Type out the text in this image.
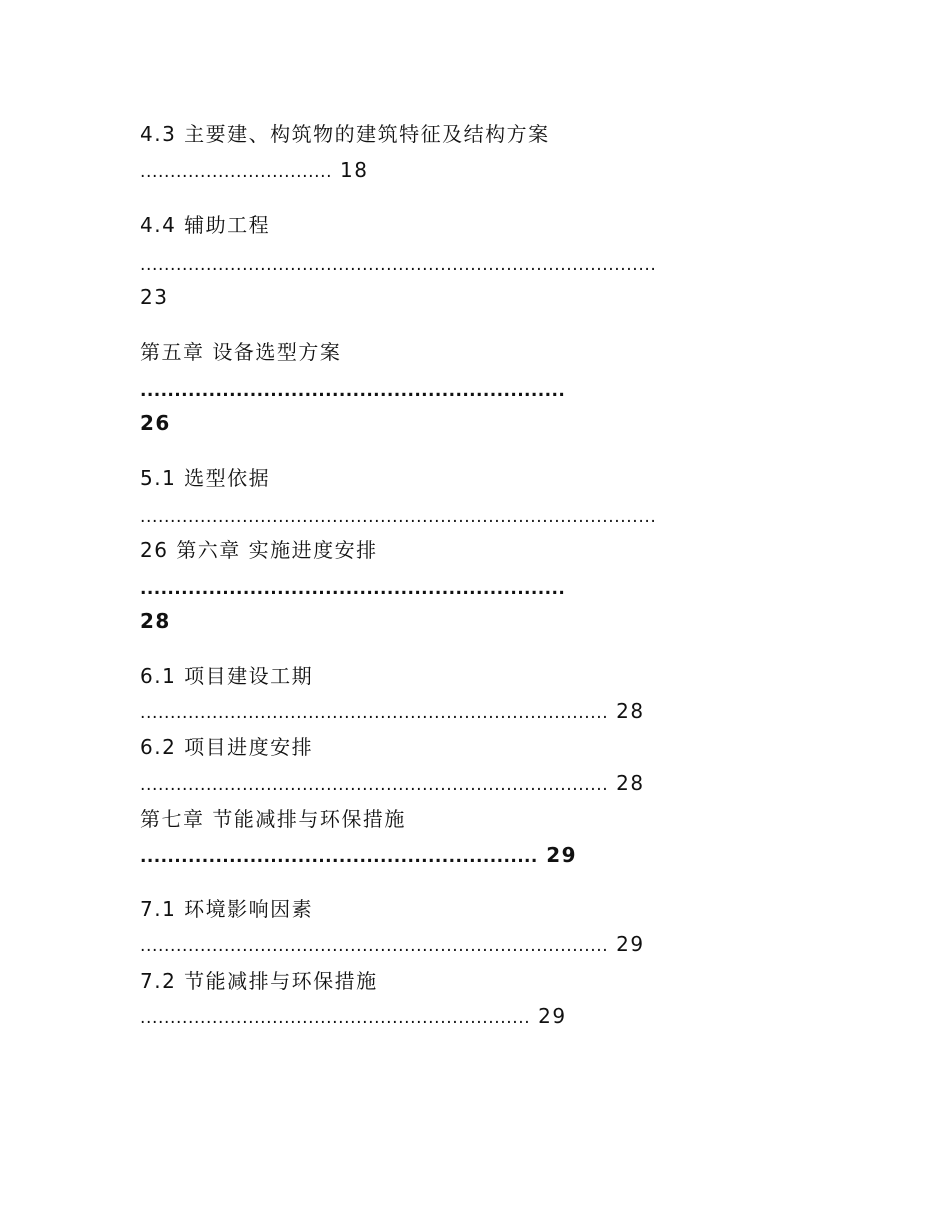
4.3 主要建、构筑物的建筑特征及结构方案
................................ 18
4.4 辅助工程
......................................................................................
23
第五章 设备选型方案
..............................................................
26
5.1 选型依据
......................................................................................
26 第六章 实施进度安排
..............................................................
28
6.1 项目建设工期
.............................................................................. 28
6.2 项目进度安排
.............................................................................. 28
第七章 节能减排与环保措施
.......................................................... 29
7.1 环境影响因素
.............................................................................. 29
7.2 节能减排与环保措施
................................................................. 29
